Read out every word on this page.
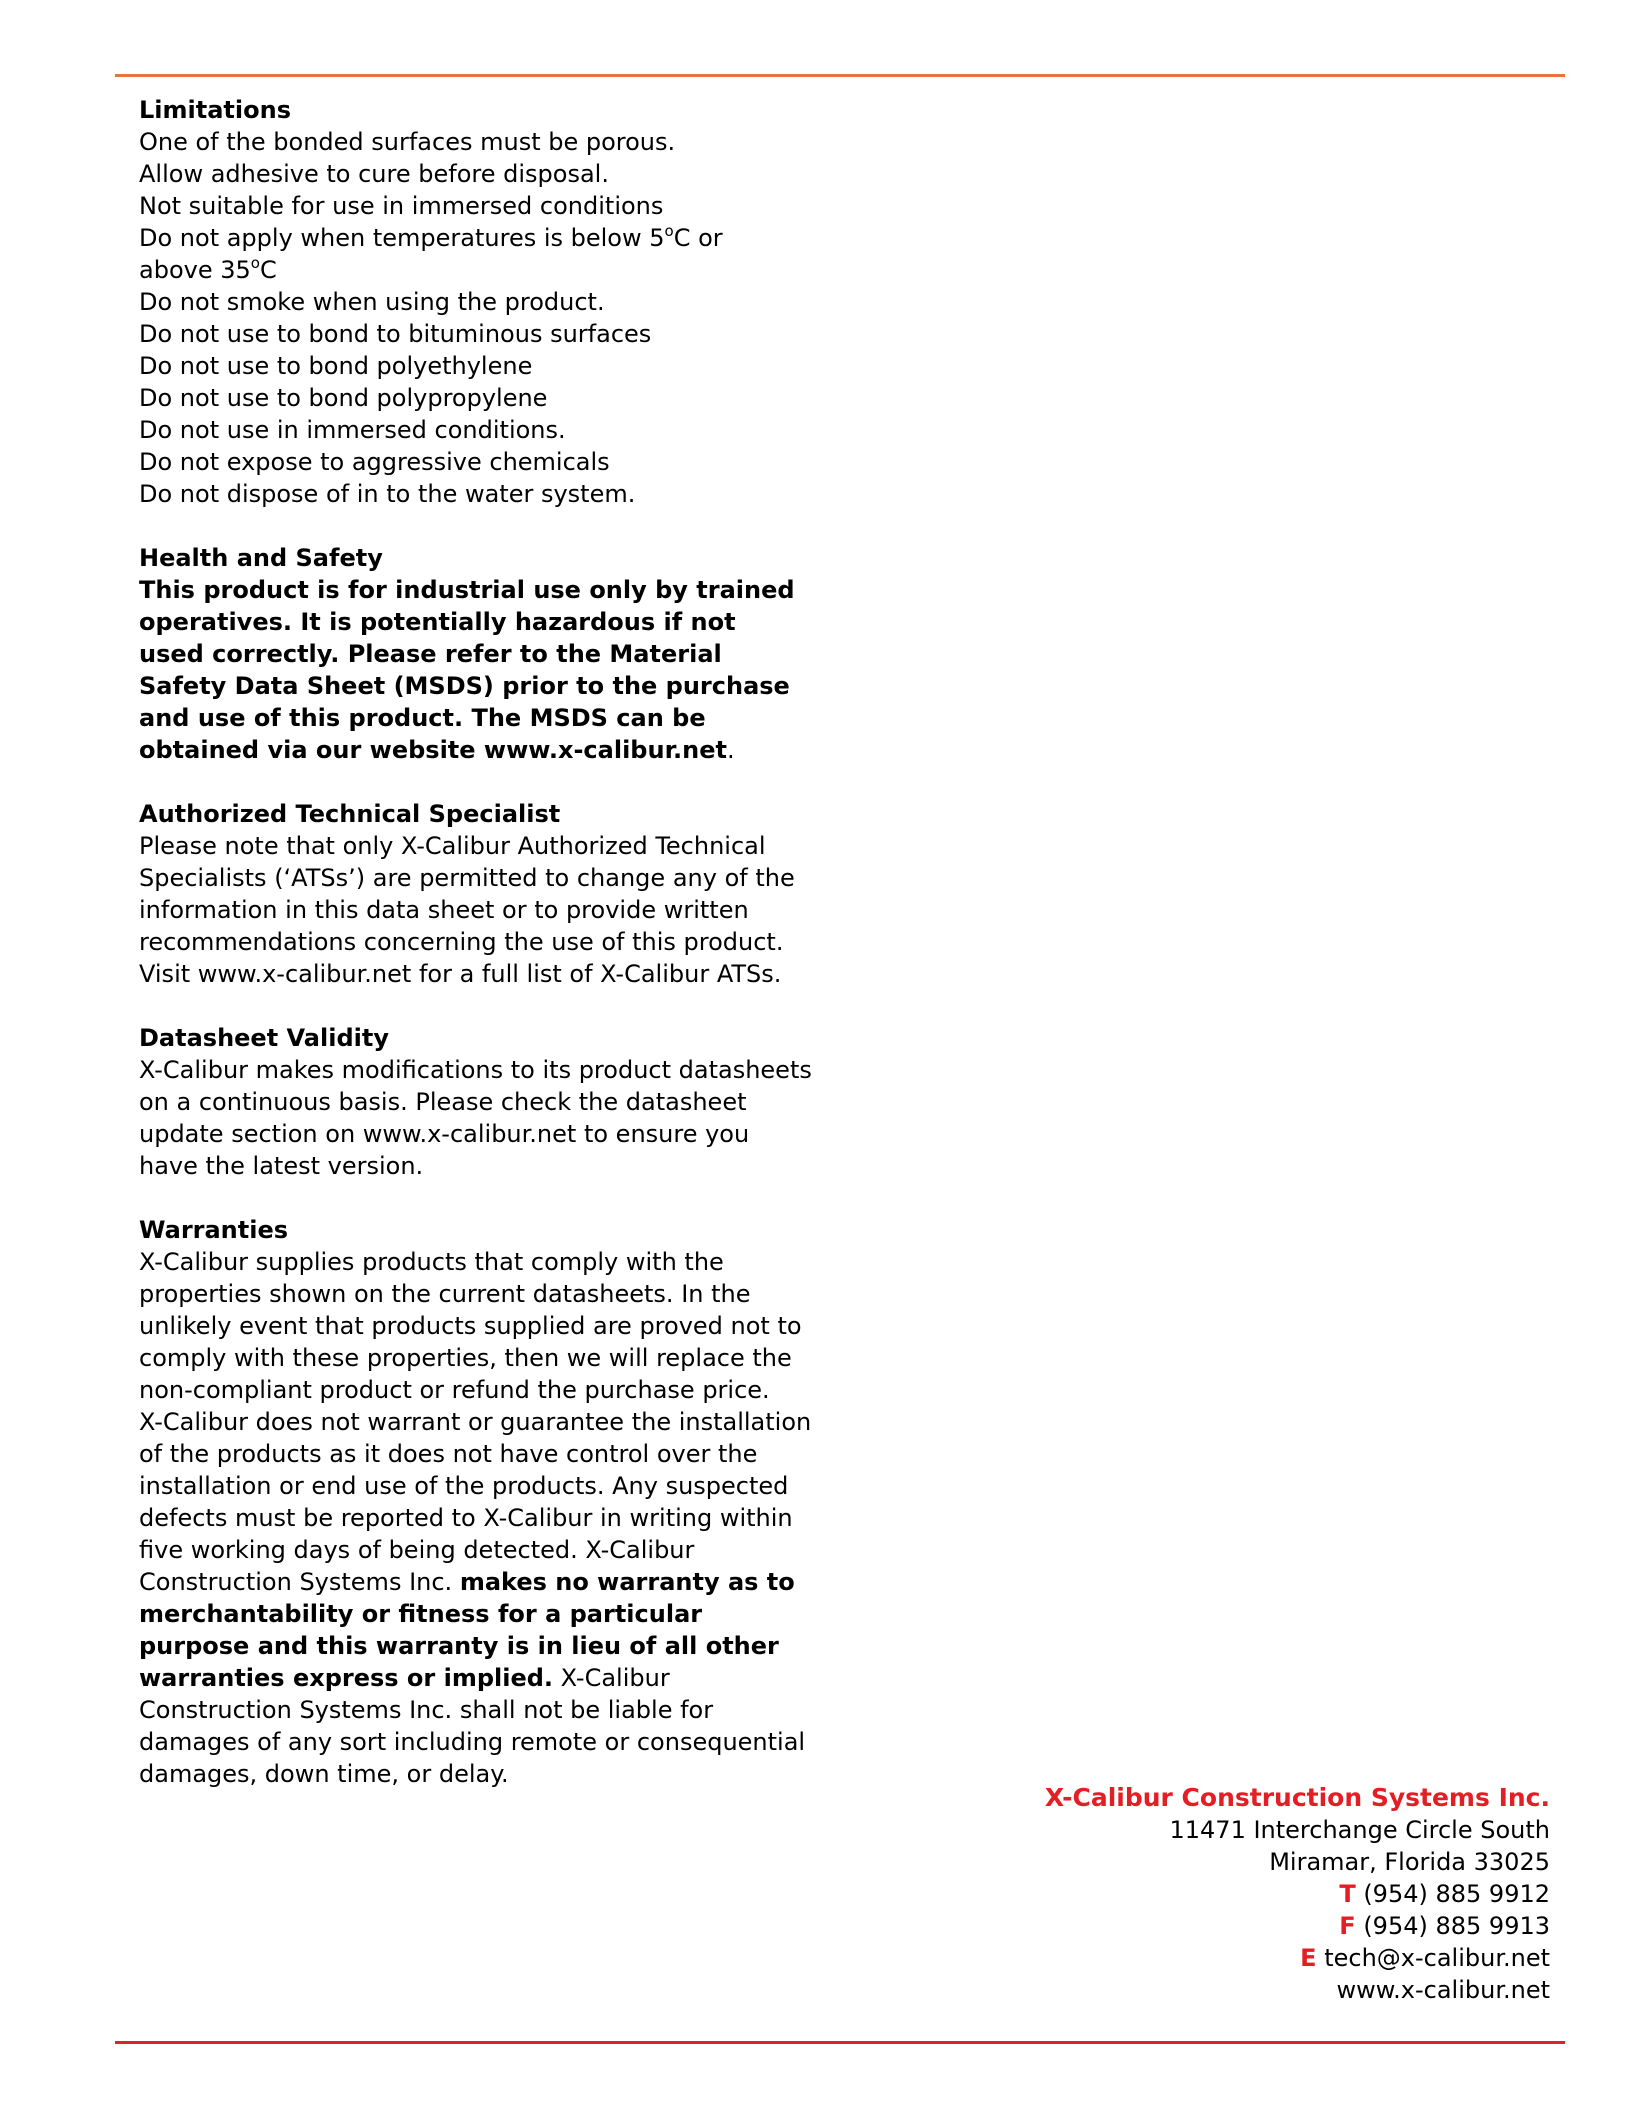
Limitations
One of the bonded surfaces must be porous.
Allow adhesive to cure before disposal.
Not suitable for use in immersed conditions
Do not apply when temperatures is below 5$^o$C or
above 35$^o$C
Do not smoke when using the product.
Do not use to bond to bituminous surfaces
Do not use to bond polyethylene
Do not use to bond polypropylene
Do not use in immersed conditions.
Do not expose to aggressive chemicals
Do not dispose of in to the water system.
Health and Safety
This product is for industrial use only by trained
operatives. It is potentially hazardous if not
used correctly. Please refer to the Material
Safety Data Sheet (MSDS) prior to the purchase
and use of this product. The MSDS can be
obtained via our website www.x-calibur.net.
Authorized Technical Specialist
Please note that only X-Calibur Authorized Technical
Specialists (‘ATSs’) are permitted to change any of the
information in this data sheet or to provide written
recommendations concerning the use of this product.
Visit www.x-calibur.net for a full list of X-Calibur ATSs.
Datasheet Validity
X-Calibur makes modifications to its product datasheets
on a continuous basis. Please check the datasheet
update section on www.x-calibur.net to ensure you
have the latest version.
Warranties
X-Calibur supplies products that comply with the
properties shown on the current datasheets. In the
unlikely event that products supplied are proved not to
comply with these properties, then we will replace the
non-compliant product or refund the purchase price.
X-Calibur does not warrant or guarantee the installation
of the products as it does not have control over the
installation or end use of the products. Any suspected
defects must be reported to X-Calibur in writing within
five working days of being detected. X-Calibur
Construction Systems Inc. makes no warranty as to
merchantability or fitness for a particular
purpose and this warranty is in lieu of all other
warranties express or implied. X-Calibur
Construction Systems Inc. shall not be liable for
damages of any sort including remote or consequential
damages, down time, or delay.
X-Calibur Construction Systems Inc.
11471 Interchange Circle South
Miramar, Florida 33025
T (954) 885 9912
F (954) 885 9913
E tech@x-calibur.net
www.x-calibur.net
